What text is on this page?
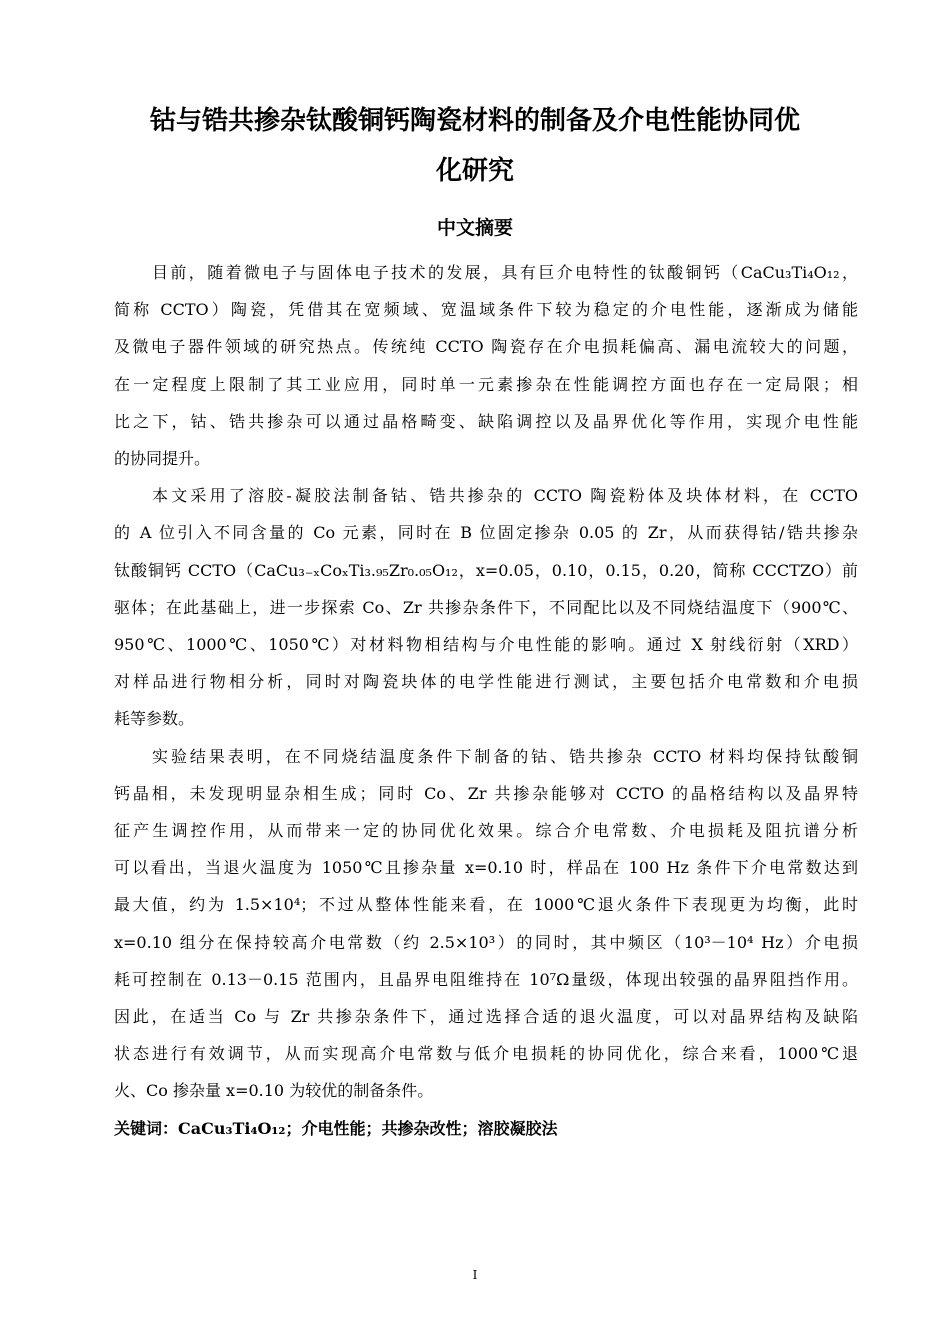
钴与锆共掺杂钛酸铜钙陶瓷材料的制备及介电性能协同优
化研究
中文摘要

目前，随着微电子与固体电子技术的发展，具有巨介电特性的钛酸铜钙（CaCu₃Ti₄O₁₂，
简称 CCTO）陶瓷，凭借其在宽频域、宽温域条件下较为稳定的介电性能，逐渐成为储能
及微电子器件领域的研究热点。传统纯 CCTO 陶瓷存在介电损耗偏高、漏电流较大的问题，
在一定程度上限制了其工业应用，同时单一元素掺杂在性能调控方面也存在一定局限；相
比之下，钴、锆共掺杂可以通过晶格畸变、缺陷调控以及晶界优化等作用，实现介电性能
的协同提升。

本文采用了溶胶-凝胶法制备钴、锆共掺杂的 CCTO 陶瓷粉体及块体材料，在 CCTO
的 A 位引入不同含量的 Co 元素，同时在 B 位固定掺杂 0.05 的 Zr，从而获得钴/锆共掺杂
钛酸铜钙 CCTO（CaCu₃₋ₓCoₓTi₃.₉₅Zr₀.₀₅O₁₂，x=0.05，0.10，0.15，0.20，简称 CCCTZO）前
驱体；在此基础上，进一步探索 Co、Zr 共掺杂条件下，不同配比以及不同烧结温度下（900℃、
950℃、1000℃、1050℃）对材料物相结构与介电性能的影响。通过 X 射线衍射（XRD）
对样品进行物相分析，同时对陶瓷块体的电学性能进行测试，主要包括介电常数和介电损
耗等参数。

实验结果表明，在不同烧结温度条件下制备的钴、锆共掺杂 CCTO 材料均保持钛酸铜
钙晶相，未发现明显杂相生成；同时 Co、Zr 共掺杂能够对 CCTO 的晶格结构以及晶界特
征产生调控作用，从而带来一定的协同优化效果。综合介电常数、介电损耗及阻抗谱分析
可以看出，当退火温度为 1050℃且掺杂量 x=0.10 时，样品在 100 Hz 条件下介电常数达到
最大值，约为 1.5×10⁴；不过从整体性能来看，在 1000℃退火条件下表现更为均衡，此时
x=0.10 组分在保持较高介电常数（约 2.5×10³）的同时，其中频区（10³－10⁴ Hz）介电损
耗可控制在 0.13－0.15 范围内，且晶界电阻维持在 10⁷Ω量级，体现出较强的晶界阻挡作用。
因此，在适当 Co 与 Zr 共掺杂条件下，通过选择合适的退火温度，可以对晶界结构及缺陷
状态进行有效调节，从而实现高介电常数与低介电损耗的协同优化，综合来看，1000℃退
火、Co 掺杂量 x=0.10 为较优的制备条件。

关键词：CaCu₃Ti₄O₁₂；介电性能；共掺杂改性；溶胶凝胶法

I
